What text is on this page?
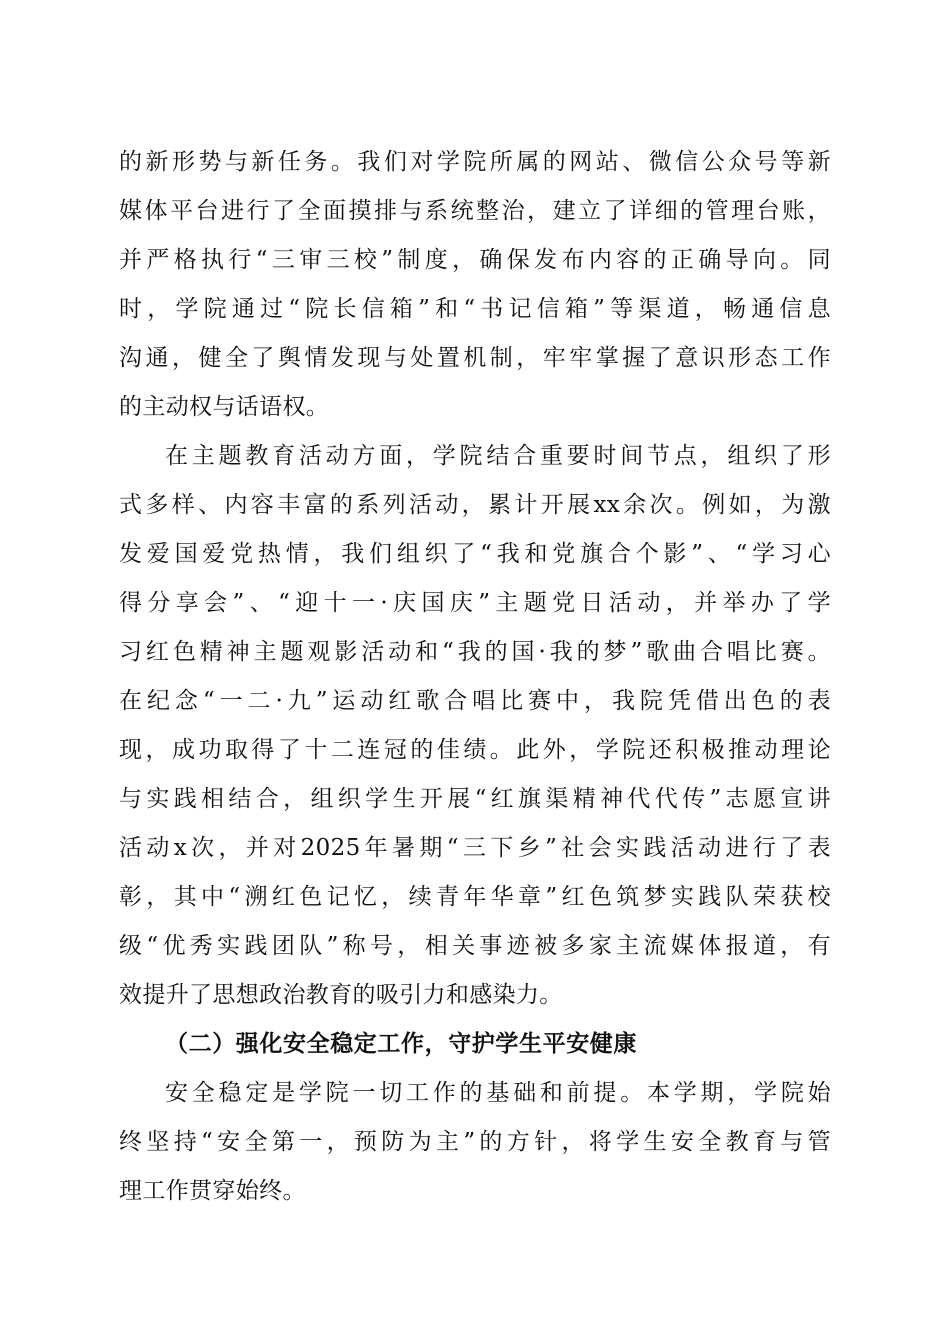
的新形势与新任务。我们对学院所属的网站、微信公众号等新
媒体平台进行了全面摸排与系统整治，建立了详细的管理台账，
并严格执行“三审三校”制度，确保发布内容的正确导向。同
时，学院通过“院长信箱”和“书记信箱”等渠道，畅通信息
沟通，健全了舆情发现与处置机制，牢牢掌握了意识形态工作
的主动权与话语权。
在主题教育活动方面，学院结合重要时间节点，组织了形
式多样、内容丰富的系列活动，累计开展xx余次。例如，为激
发爱国爱党热情，我们组织了“我和党旗合个影”、“学习心
得分享会”、“迎十一·庆国庆”主题党日活动，并举办了学
习红色精神主题观影活动和“我的国·我的梦”歌曲合唱比赛。
在纪念“一二·九”运动红歌合唱比赛中，我院凭借出色的表
现，成功取得了十二连冠的佳绩。此外，学院还积极推动理论
与实践相结合，组织学生开展“红旗渠精神代代传”志愿宣讲
活动x次，并对2025年暑期“三下乡”社会实践活动进行了表
彰，其中“溯红色记忆，续青年华章”红色筑梦实践队荣获校
级“优秀实践团队”称号，相关事迹被多家主流媒体报道，有
效提升了思想政治教育的吸引力和感染力。
（二）强化安全稳定工作，守护学生平安健康
安全稳定是学院一切工作的基础和前提。本学期，学院始
终坚持“安全第一，预防为主”的方针，将学生安全教育与管
理工作贯穿始终。
